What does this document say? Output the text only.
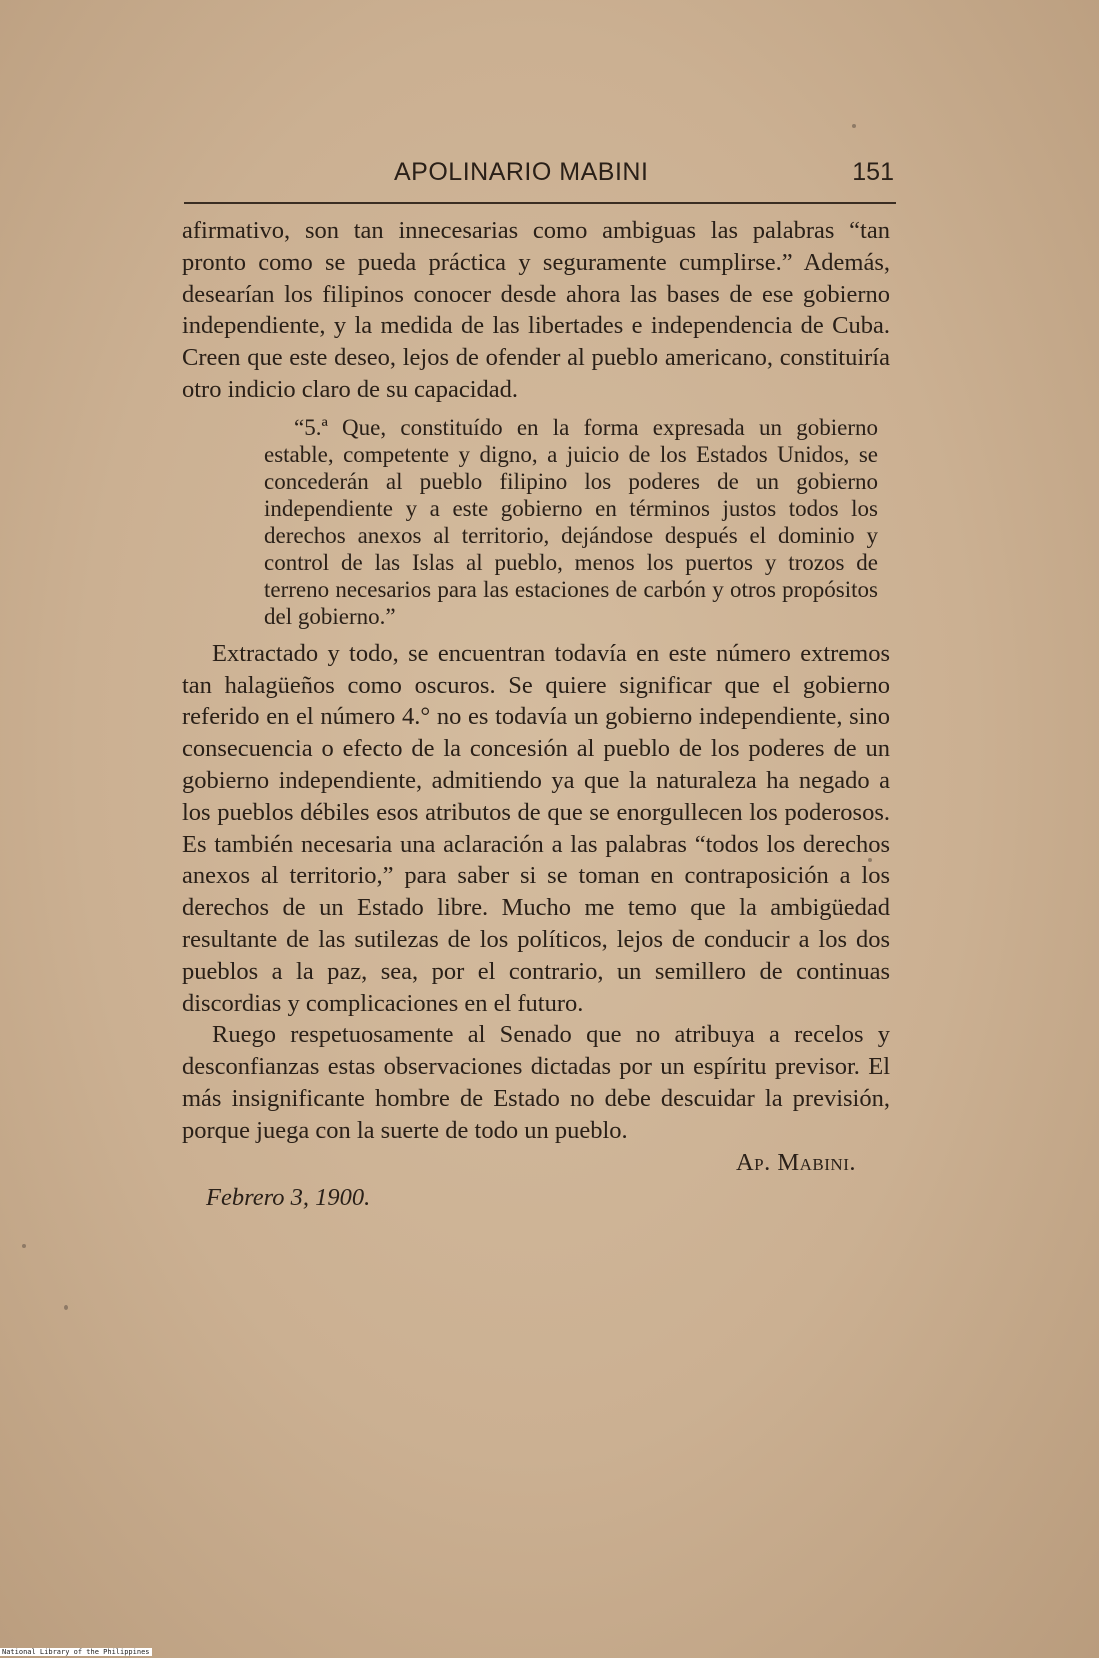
APOLINARIO MABINI	151

afirmativo, son tan innecesarias como ambiguas las palabras “tan pronto como se pueda práctica y seguramente cumplirse.” Además, desearían los filipinos conocer desde ahora las bases de ese gobierno independiente, y la medida de las libertades e independencia de Cuba. Creen que este deseo, lejos de ofender al pueblo americano, constituiría otro indicio claro de su capacidad.

“5.ª Que, constituído en la forma expresada un gobierno estable, competente y digno, a juicio de los Estados Unidos, se concederán al pueblo filipino los poderes de un gobierno independiente y a este gobierno en términos justos todos los derechos anexos al territorio, dejándose después el dominio y control de las Islas al pueblo, menos los puertos y trozos de terreno necesarios para las estaciones de carbón y otros propósitos del gobierno.”

Extractado y todo, se encuentran todavía en este número extremos tan halagüeños como oscuros. Se quiere significar que el gobierno referido en el número 4.° no es todavía un gobierno independiente, sino consecuencia o efecto de la concesión al pueblo de los poderes de un gobierno independiente, admitiendo ya que la naturaleza ha negado a los pueblos débiles esos atributos de que se enorgullecen los poderosos. Es también necesaria una aclaración a las palabras “todos los derechos anexos al territorio,” para saber si se toman en contraposición a los derechos de un Estado libre. Mucho me temo que la ambigüedad resultante de las sutilezas de los políticos, lejos de conducir a los dos pueblos a la paz, sea, por el contrario, un semillero de continuas discordias y complicaciones en el futuro.

Ruego respetuosamente al Senado que no atribuya a recelos y desconfianzas estas observaciones dictadas por un espíritu previsor. El más insignificante hombre de Estado no debe descuidar la previsión, porque juega con la suerte de todo un pueblo.

Ap. Mabini.

Febrero 3, 1900.

National Library of the Philippines
